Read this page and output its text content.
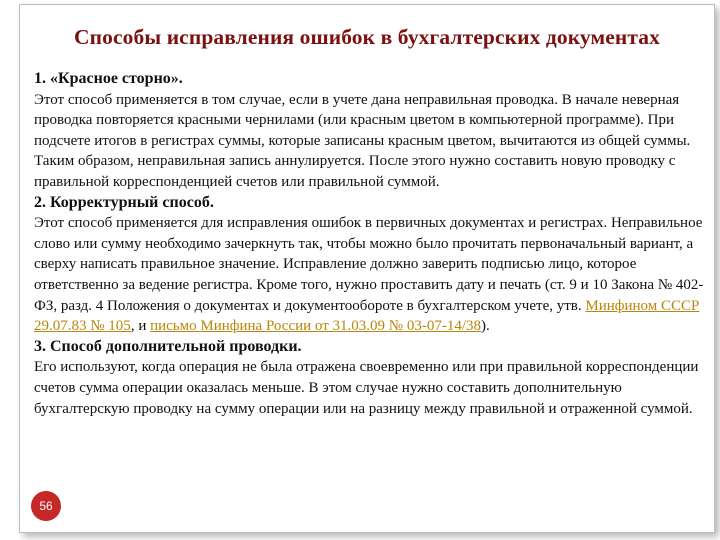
Способы исправления ошибок в бухгалтерских документах
1. «Красное сторно».
Этот способ применяется в том случае, если в учете дана неправильная проводка. В начале неверная проводка повторяется красными чернилами (или красным цветом в компьютерной программе). При подсчете итогов в регистрах суммы, которые записаны красным цветом, вычитаются из общей суммы. Таким образом, неправильная запись аннулируется. После этого нужно составить новую проводку с правильной корреспонденцией счетов или правильной суммой.
2. Корректурный способ.
Этот способ применяется для исправления ошибок в первичных документах и регистрах. Неправильное слово или сумму необходимо зачеркнуть так, чтобы можно было прочитать первоначальный вариант, а сверху написать правильное значение. Исправление должно заверить подписью лицо, которое ответственно за ведение регистра. Кроме того, нужно проставить дату и печать (ст. 9 и 10 Закона № 402-ФЗ, разд. 4 Положения о документах и документообороте в бухгалтерском учете, утв. Минфином СССР 29.07.83 № 105, и письмо Минфина России от 31.03.09 № 03-07-14/38).
3. Способ дополнительной проводки.
Его используют, когда операция не была отражена своевременно или при правильной корреспонденции счетов сумма операции оказалась меньше. В этом случае нужно составить дополнительную бухгалтерскую проводку на сумму операции или на разницу между правильной и отраженной суммой.
56
